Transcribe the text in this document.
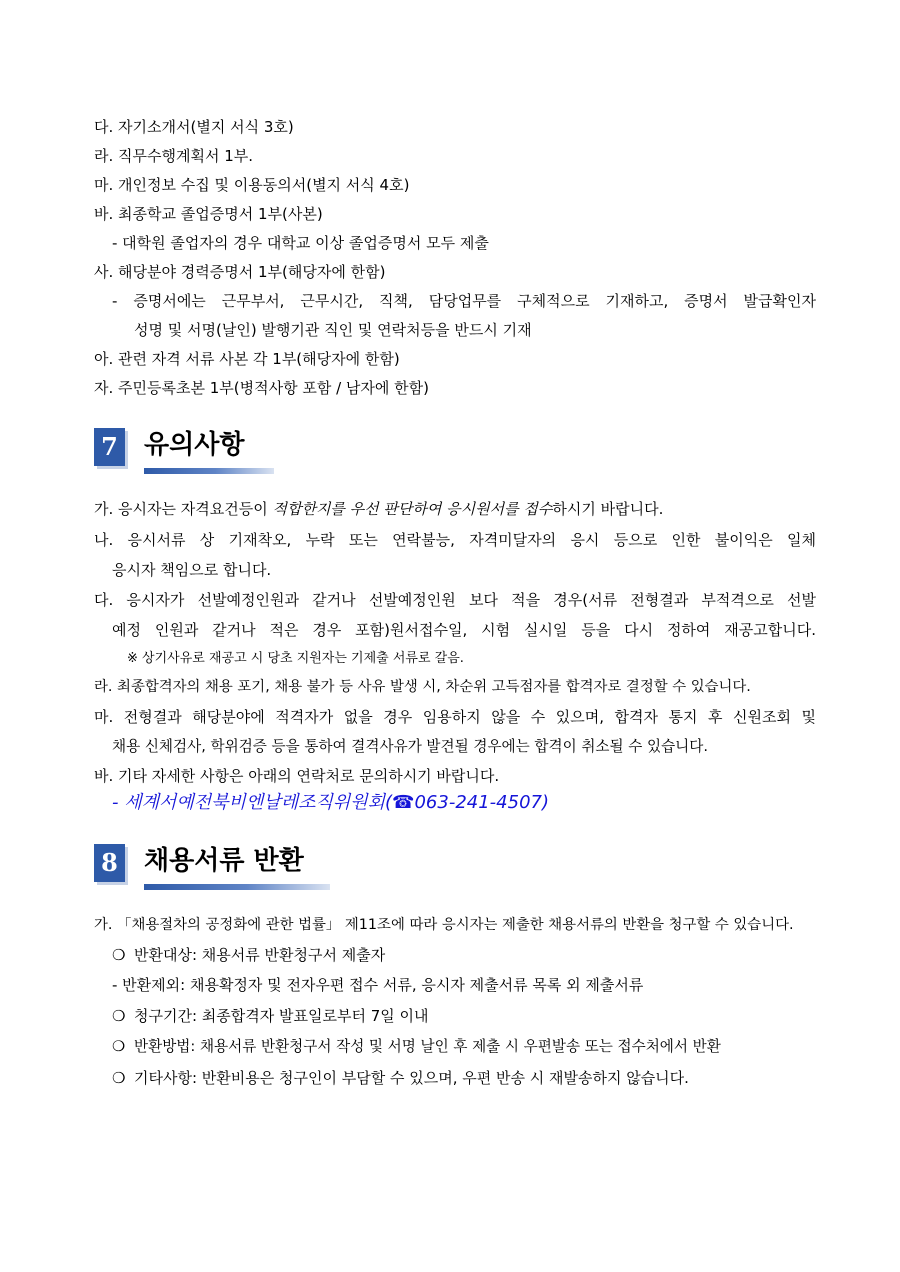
다. 자기소개서(별지 서식 3호)
라. 직무수행계획서 1부.
마. 개인정보 수집 및 이용동의서(별지 서식 4호)
바. 최종학교 졸업증명서 1부(사본)
- 대학원 졸업자의 경우 대학교 이상 졸업증명서 모두 제출
사. 해당분야 경력증명서 1부(해당자에 한함)
- 증명서에는 근무부서, 근무시간, 직책, 담당업무를 구체적으로 기재하고, 증명서 발급확인자
성명 및 서명(날인) 발행기관 직인 및 연락처등을 반드시 기재
아. 관련 자격 서류 사본 각 1부(해당자에 한함)
자. 주민등록초본 1부(병적사항 포함 / 남자에 한함)
7 유의사항
가. 응시자는 자격요건등이 적합한지를 우선 판단하여 응시원서를 접수하시기 바랍니다.
나. 응시서류 상 기재착오, 누락 또는 연락불능, 자격미달자의 응시 등으로 인한 불이익은 일체
응시자 책임으로 합니다.
다. 응시자가 선발예정인원과 같거나 선발예정인원 보다 적을 경우(서류 전형결과 부적격으로 선발
예정 인원과 같거나 적은 경우 포함)원서접수일, 시험 실시일 등을 다시 정하여 재공고합니다.
※ 상기사유로 재공고 시 당초 지원자는 기제출 서류로 갈음.
라. 최종합격자의 채용 포기, 채용 불가 등 사유 발생 시, 차순위 고득점자를 합격자로 결정할 수 있습니다.
마. 전형결과 해당분야에 적격자가 없을 경우 임용하지 않을 수 있으며, 합격자 통지 후 신원조회 및
채용 신체검사, 학위검증 등을 통하여 결격사유가 발견될 경우에는 합격이 취소될 수 있습니다.
바. 기타 자세한 사항은 아래의 연락처로 문의하시기 바랍니다.
- 세계서예전북비엔날레조직위원회(☎063-241-4507)
8 채용서류 반환
가. 「채용절차의 공정화에 관한 법률」 제11조에 따라 응시자는 제출한 채용서류의 반환을 청구할 수 있습니다.
❍ 반환대상: 채용서류 반환청구서 제출자
- 반환제외: 채용확정자 및 전자우편 접수 서류, 응시자 제출서류 목록 외 제출서류
❍ 청구기간: 최종합격자 발표일로부터 7일 이내
❍ 반환방법: 채용서류 반환청구서 작성 및 서명 날인 후 제출 시 우편발송 또는 접수처에서 반환
❍ 기타사항: 반환비용은 청구인이 부담할 수 있으며, 우편 반송 시 재발송하지 않습니다.
